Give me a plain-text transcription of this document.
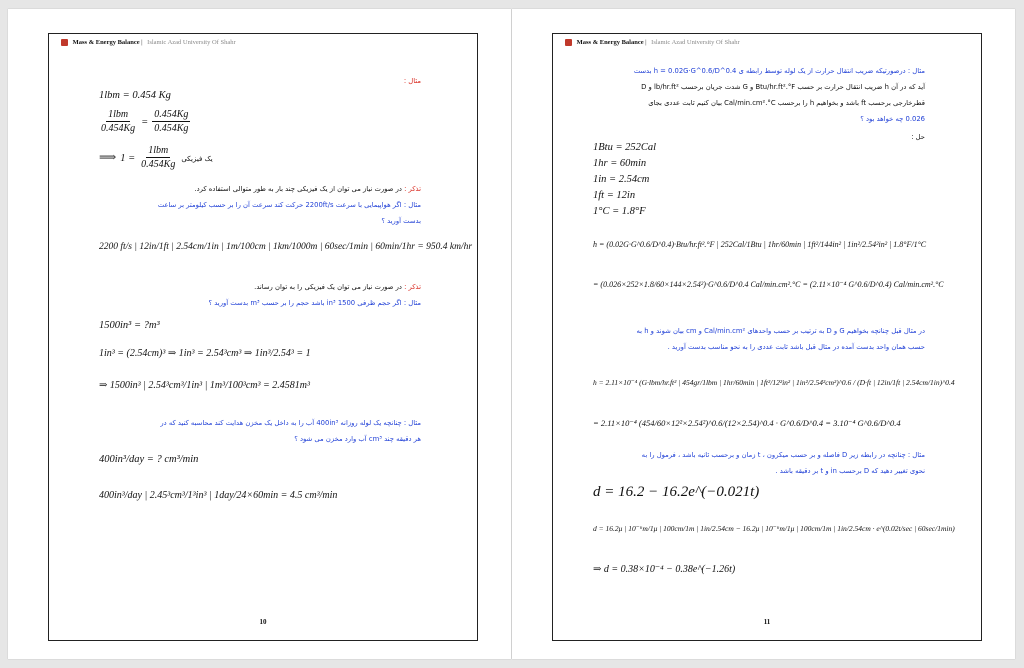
Mass & Energy Balance | Islamic Azad University Of Shahr
مثال :
1lbm = 0.454 Kg
$\frac{\text{1lbm}}{0.454Kg} = \frac{0.454Kg}{0.454Kg}$
⟹	یک فیزیکی
$\frac{\text{1lbm}}{0.454Kg}$
= 1
تذکر : در صورت نیاز می توان از یک فیزیکی چند بار به طور متوالی استفاده کرد.
مثال : اگر هواپیمایی با سرعت 2200ft/s حرکت کند سرعت آن را بر حسب کیلومتر بر ساعت
بدست آورید ؟
2200 ft/s | 12in/1ft | 2.54cm/1in | 1m/100cm | 1km/1000m | 60sec/1min | 60min/1hr = 950.4 km/hr
تذکر : در صورت نیاز می توان یک فیزیکی را به توان رساند.
مثال : اگر حجم ظرفی 1500 in³ باشد حجم را بر حسب m³ بدست آورید ؟
1500in³ = ?m³
1in³ = (2.54cm)³ ⇒ 1in³ = 2.54³cm³ ⇒ 1in³/2.54³ = 1
⇒ 1500in³ | 2.54³cm³/1in³ | 1m³/100³cm³ = 2.4581m³
مثال : چنانچه یک لوله روزانه 400in³ آب را به داخل یک مخزن هدایت کند محاسبه کنید که در
هر دقیقه چند cm³ آب وارد مخزن می شود ؟
400in³/day = ? cm³/min
400in³/day | 2.45³cm³/1³in³ | 1day/24×60min = 4.5 cm³/min
10
Mass & Energy Balance | Islamic Azad University Of Shahr
مثال : درصورتیکه ضریب انتقال حرارت از یک لوله توسط رابطه ی h = 0.02G·G^0.6/D^0.4 بدست
آید که در آن h ضریب انتقال حرارت بر حسب Btu/hr.ft².°F و G شدت جریان برحسب lb/hr.ft² و D
قطرخارجی برحسب ft باشد و بخواهیم h را برحسب Cal/min.cm².°C بیان کنیم ثابت عددی بجای
0.026 چه خواهد بود ؟
حل :
1Btu = 252Cal
1hr = 60min
1in = 2.54cm
1ft = 12in
1°C = 1.8°F
h = (0.02G·G^0.6/D^0.4)·Btu/hr.ft².°F | 252Cal/1Btu | 1hr/60min | 1ft²/144in² | 1in²/2.54²in² | 1.8°F/1°C
= (0.026×252×1.8/60×144×2.54²)·G^0.6/D^0.4 Cal/min.cm².°C = (2.11×10⁻⁴ G^0.6/D^0.4) Cal/min.cm².°C
در مثال قبل چنانچه بخواهیم G و D به ترتیب بر حسب واحدهای Cal/min.cm² و cm بیان شوند و h به
حسب همان واحد بدست آمده در مثال قبل باشد ثابت عددی را به نحو مناسب بدست آورید .
h = 2.11×10⁻⁴ (G·lbm/hr.ft² | 454gr/1lbm | 1hr/60min | 1ft²/12²in² | 1in²/2.54²cm²)^0.6 / (D·ft | 12in/1ft | 2.54cm/1in)^0.4
= 2.11×10⁻⁴ (454/60×12²×2.54²)^0.6/(12×2.54)^0.4 · G^0.6/D^0.4 = 3.10⁻⁴ G^0.6/D^0.4
مثال : چنانچه در رابطه زیر D فاصله و بر حسب میکرون ، t زمان و برحسب ثانیه باشد ، فرمول را به
نحوی تغییر دهید که D برحسب in و t بر دقیقه باشد .
d = 16.2 − 16.2e^(−0.021t)
d = 16.2μ | 10⁻⁶m/1μ | 100cm/1m | 1in/2.54cm − 16.2μ | 10⁻⁶m/1μ | 100cm/1m | 1in/2.54cm · e^(0.02t/sec | 60sec/1min)
⇒ d = 0.38×10⁻⁴ − 0.38e^(−1.26t)
11
